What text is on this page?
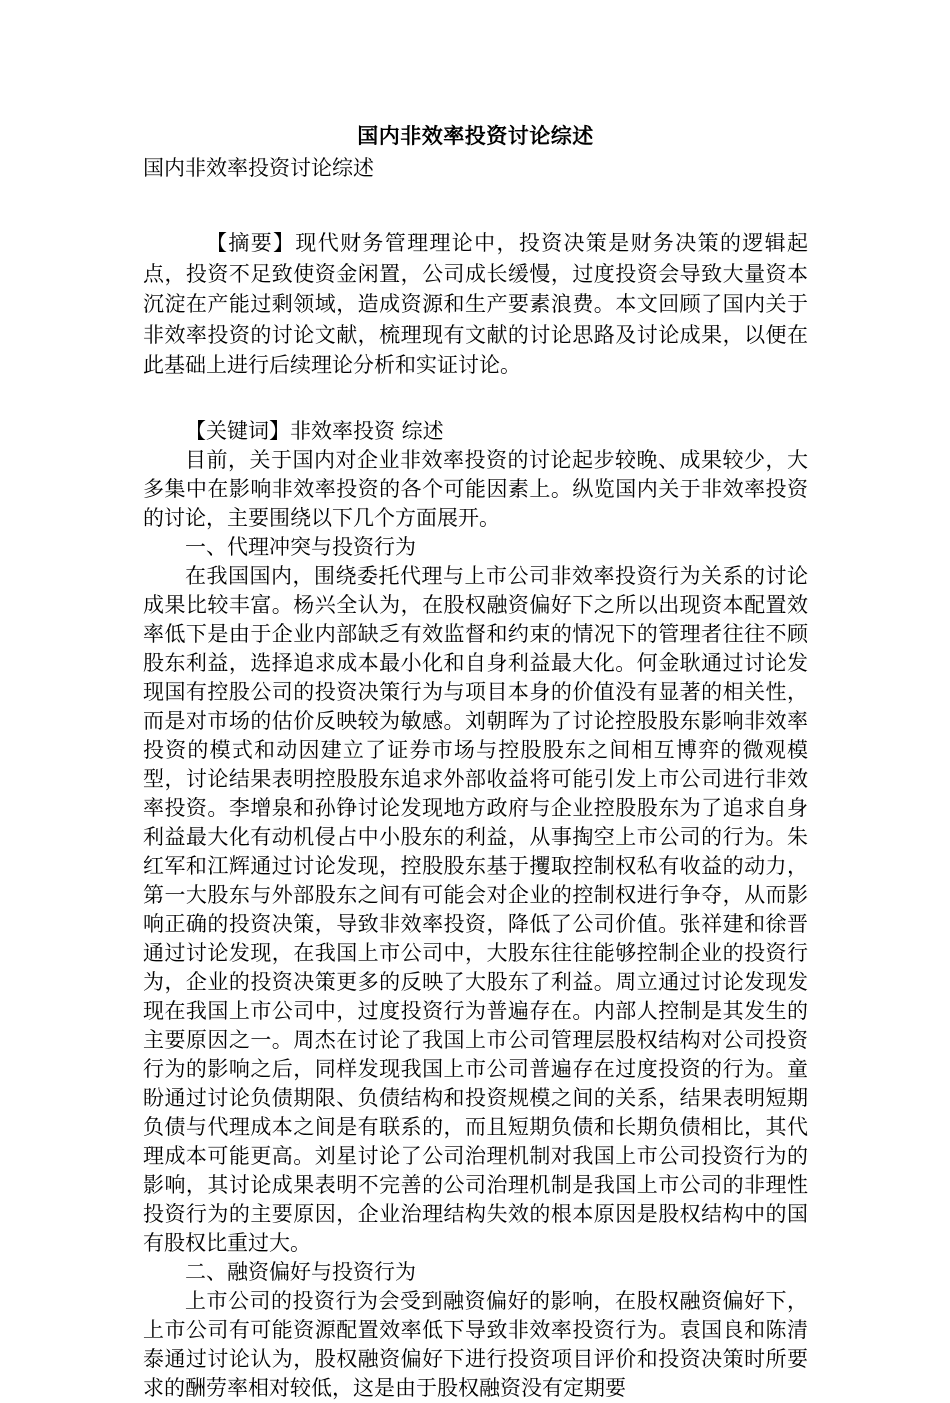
国内非效率投资讨论综述

国内非效率投资讨论综述

【摘要】现代财务管理理论中，投资决策是财务决策的逻辑起点，投资不足致使资金闲置，公司成长缓慢，过度投资会导致大量资本沉淀在产能过剩领域，造成资源和生产要素浪费。本文回顾了国内关于非效率投资的讨论文献，梳理现有文献的讨论思路及讨论成果，以便在此基础上进行后续理论分析和实证讨论。

【关键词】非效率投资 综述

目前，关于国内对企业非效率投资的讨论起步较晚、成果较少，大多集中在影响非效率投资的各个可能因素上。纵览国内关于非效率投资的讨论，主要围绕以下几个方面展开。

一、代理冲突与投资行为

在我国国内，围绕委托代理与上市公司非效率投资行为关系的讨论成果比较丰富。杨兴全认为，在股权融资偏好下之所以出现资本配置效率低下是由于企业内部缺乏有效监督和约束的情况下的管理者往往不顾股东利益，选择追求成本最小化和自身利益最大化。何金耿通过讨论发现国有控股公司的投资决策行为与项目本身的价值没有显著的相关性，而是对市场的估价反映较为敏感。刘朝晖为了讨论控股股东影响非效率投资的模式和动因建立了证券市场与控股股东之间相互博弈的微观模型，讨论结果表明控股股东追求外部收益将可能引发上市公司进行非效率投资。李增泉和孙铮讨论发现地方政府与企业控股股东为了追求自身利益最大化有动机侵占中小股东的利益，从事掏空上市公司的行为。朱红军和江辉通过讨论发现，控股股东基于攫取控制权私有收益的动力，第一大股东与外部股东之间有可能会对企业的控制权进行争夺，从而影响正确的投资决策，导致非效率投资，降低了公司价值。张祥建和徐晋通过讨论发现，在我国上市公司中，大股东往往能够控制企业的投资行为，企业的投资决策更多的反映了大股东了利益。周立通过讨论发现发现在我国上市公司中，过度投资行为普遍存在。内部人控制是其发生的主要原因之一。周杰在讨论了我国上市公司管理层股权结构对公司投资行为的影响之后，同样发现我国上市公司普遍存在过度投资的行为。童盼通过讨论负债期限、负债结构和投资规模之间的关系，结果表明短期负债与代理成本之间是有联系的，而且短期负债和长期负债相比，其代理成本可能更高。刘星讨论了公司治理机制对我国上市公司投资行为的影响，其讨论成果表明不完善的公司治理机制是我国上市公司的非理性投资行为的主要原因，企业治理结构失效的根本原因是股权结构中的国有股权比重过大。

二、融资偏好与投资行为

上市公司的投资行为会受到融资偏好的影响，在股权融资偏好下，上市公司有可能资源配置效率低下导致非效率投资行为。袁国良和陈清泰通过讨论认为，股权融资偏好下进行投资项目评价和投资决策时所要求的酬劳率相对较低，这是由于股权融资没有定期要
